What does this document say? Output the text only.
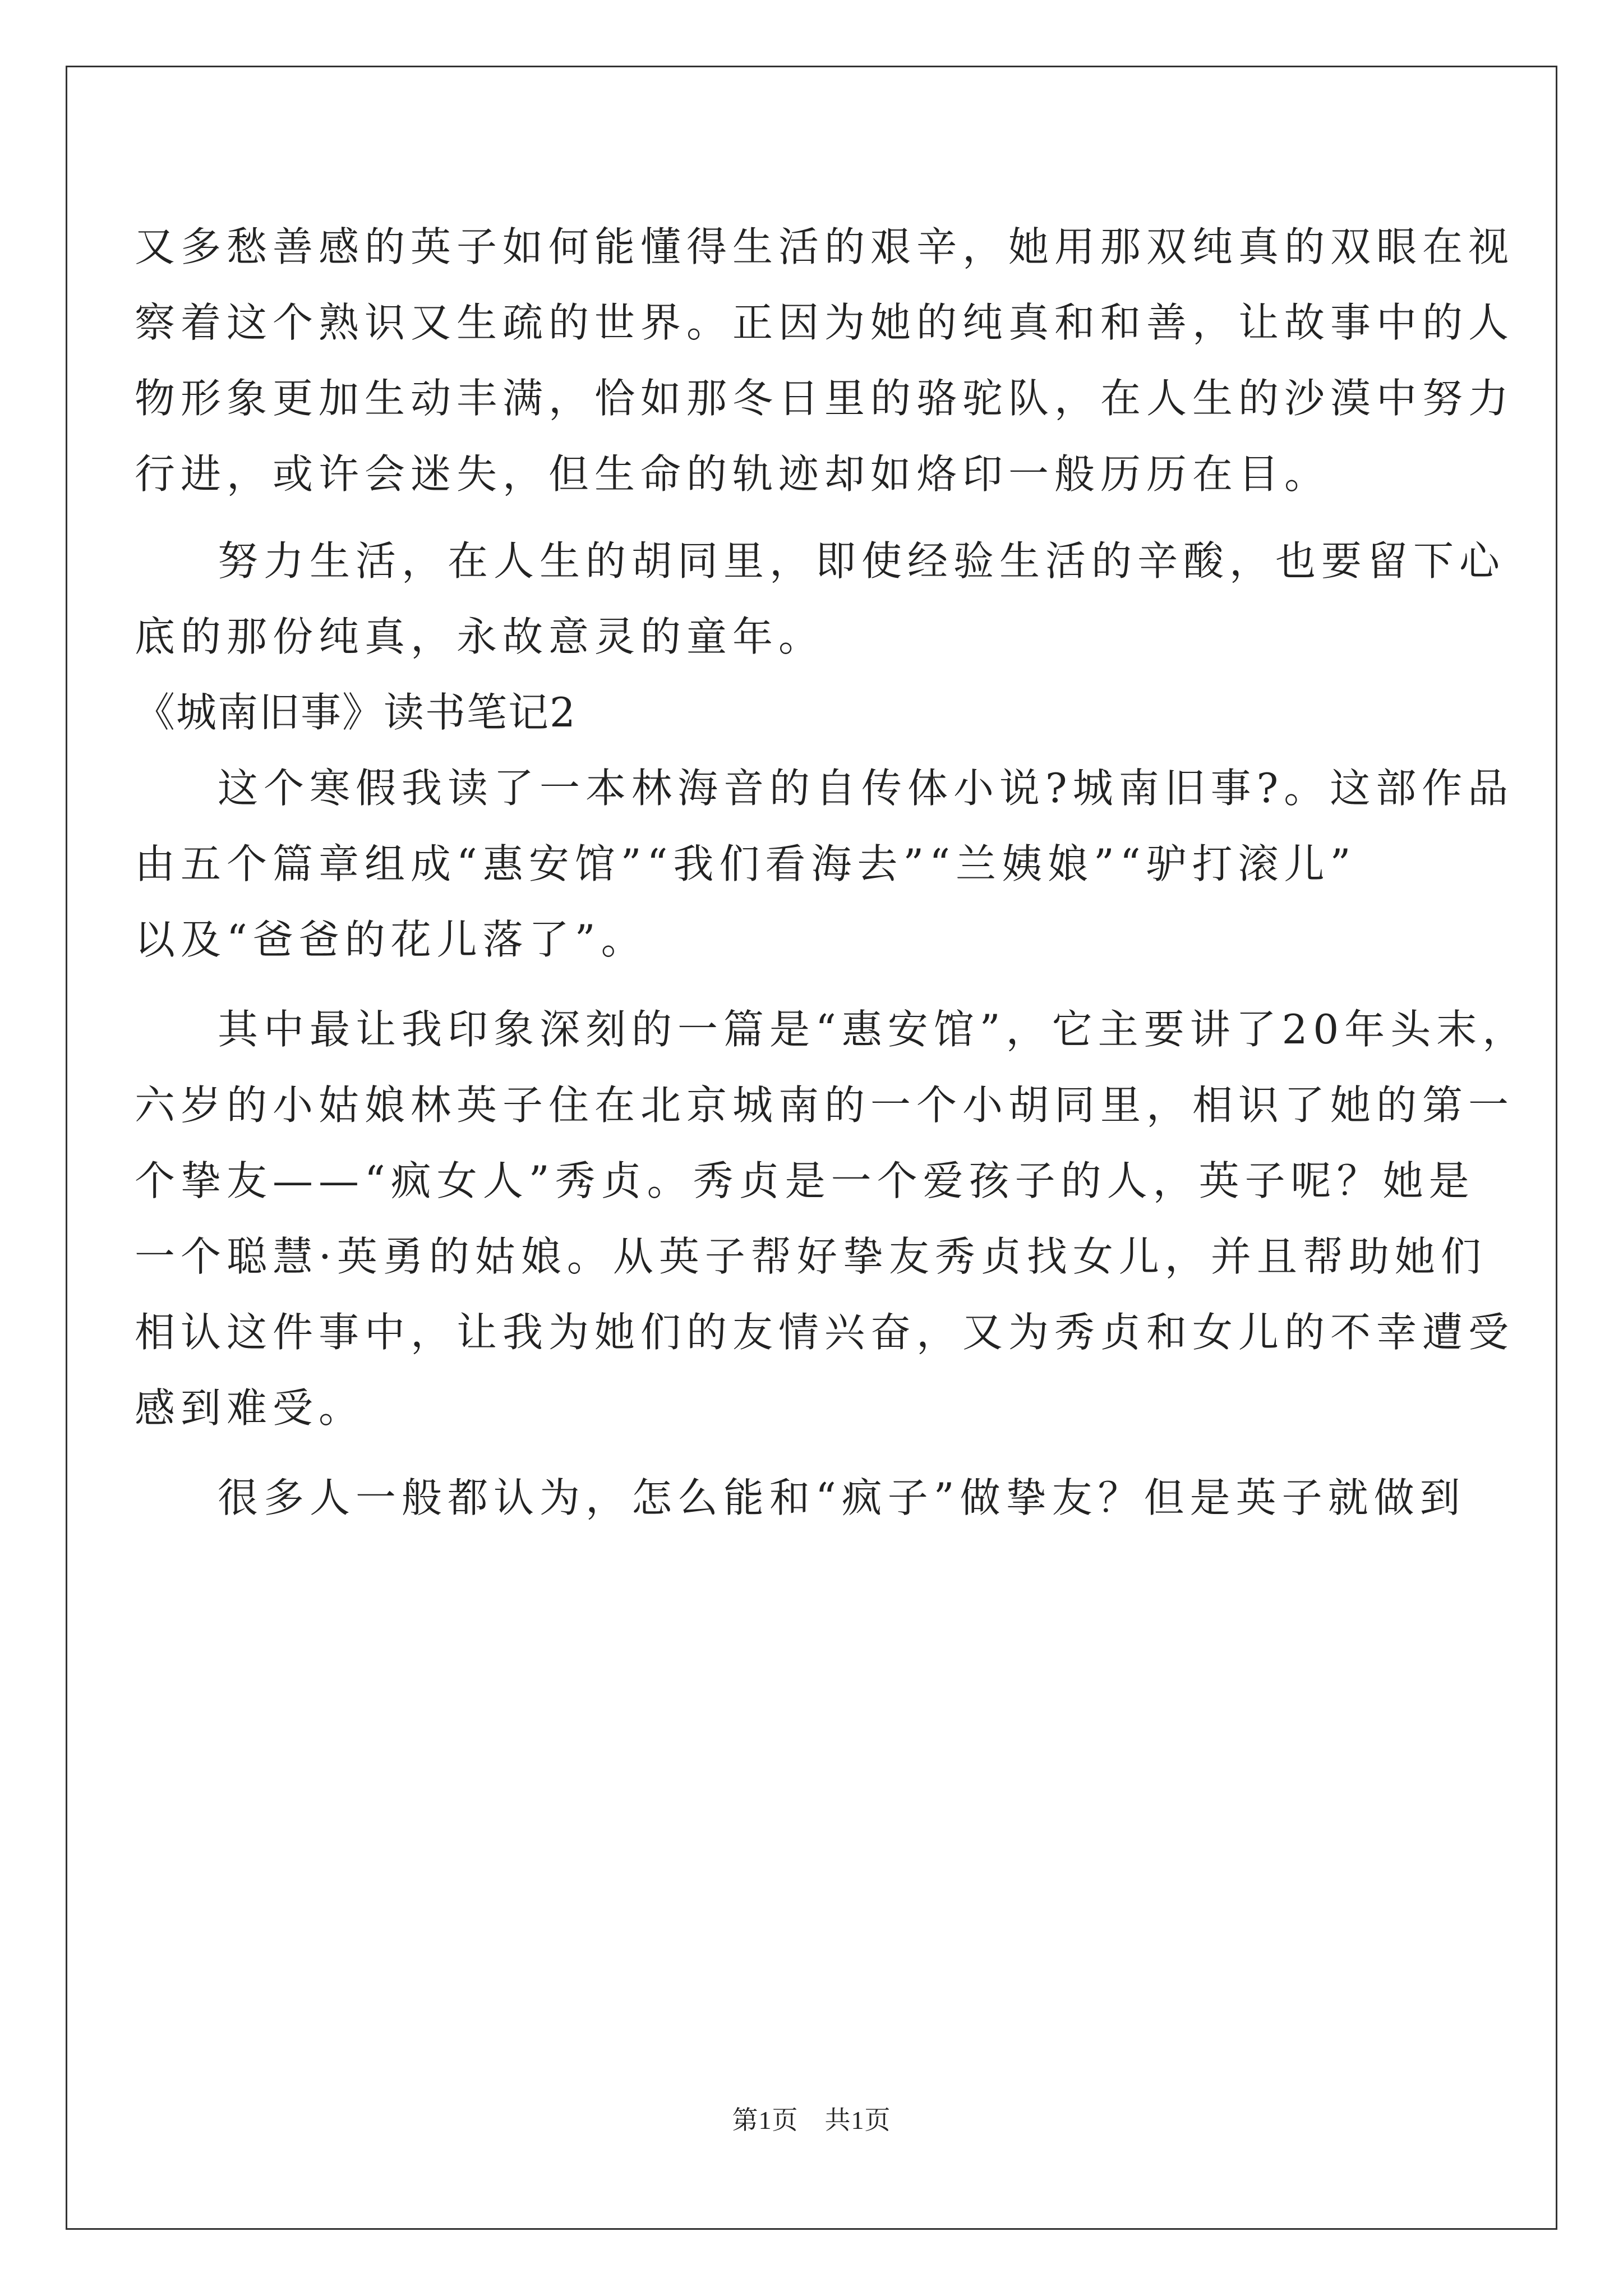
又多愁善感的英子如何能懂得生活的艰辛，她用那双纯真的双眼在视
察着这个熟识又生疏的世界。正因为她的纯真和和善，让故事中的人
物形象更加生动丰满，恰如那冬日里的骆驼队，在人生的沙漠中努力
行进，或许会迷失，但生命的轨迹却如烙印一般历历在目。
努力生活，在人生的胡同里，即使经验生活的辛酸，也要留下心
底的那份纯真，永故意灵的童年。
《城南旧事》读书笔记2
这个寒假我读了一本林海音的自传体小说?城南旧事?。这部作品
由五个篇章组成“惠安馆”“我们看海去”“兰姨娘”“驴打滚儿”
以及“爸爸的花儿落了”。
其中最让我印象深刻的一篇是“惠安馆”，它主要讲了20年头末，
六岁的小姑娘林英子住在北京城南的一个小胡同里，相识了她的第一
个挚友——“疯女人”秀贞。秀贞是一个爱孩子的人，英子呢？她是
一个聪慧·英勇的姑娘。从英子帮好挚友秀贞找女儿，并且帮助她们
相认这件事中，让我为她们的友情兴奋，又为秀贞和女儿的不幸遭受
感到难受。
很多人一般都认为，怎么能和“疯子”做挚友？但是英子就做到
第1页　共1页
